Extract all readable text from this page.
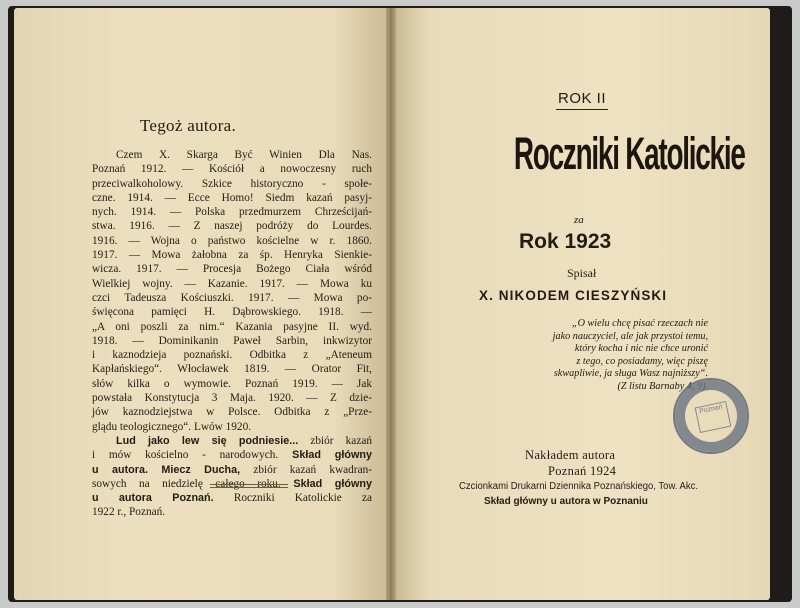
Tegoż autora.
Czem X. Skarga Być Winien Dla Nas.
Poznań 1912. — Kościół a nowoczesny ruch
przeciwalkoholowy. Szkice historyczno - społe-
czne. 1914. — Ecce Homo! Siedm kazań pasyj-
nych. 1914. — Polska przedmurzem Chrześcijań-
stwa. 1916. — Z naszej podróży do Lourdes.
1916. — Wojna o państwo kościelne w r. 1860.
1917. — Mowa żałobna za śp. Henryka Sienkie-
wicza. 1917. — Procesja Bożego Ciała wśród
Wielkiej wojny. — Kazanie. 1917. — Mowa ku
czci Tadeusza Kościuszki. 1917. — Mowa po-
święcona pamięci H. Dąbrowskiego. 1918. —
„A oni poszli za nim.“ Kazania pasyjne II. wyd.
1918. — Dominikanin Paweł Sarbin, inkwizytor
i kaznodzieja poznański. Odbitka z „Ateneum
Kapłańskiego“. Włocławek 1819. — Orator Fit,
słów kilka o wymowie. Poznań 1919. — Jak
powstała Konstytucja 3 Maja. 1920. — Z dzie-
jów kaznodziejstwa w Polsce. Odbitka z „Prze-
glądu teologicznego“. Lwów 1920.
Lud jako lew się podniesie... zbiór kazań
i mów kościelno - narodowych. Skład główny
u autora. Miecz Ducha, zbiór kazań kwadran-
sowych na niedzielę całego roku. Skład główny
u autora Poznań. Roczniki Katolickie za
1922 r., Poznań.
ROK II
Roczniki Katolickie
za
Rok 1923
Spisał
X. NIKODEM CIESZYŃSKI
„O wielu chcę pisać rzeczach nie
jako nauczyciel, ale jak przystoi temu,
który kocha i nic nie chce uronić
z tego, co posiadamy, więc piszę
skwapliwie, ja sługa Wasz najniższy“.
(Z listu Barnaby 4, 9).
Poznań
Nakładem autora
Poznań 1924
Czcionkami Drukarni Dziennika Poznańskiego, Tow. Akc.
Skład główny u autora w Poznaniu
